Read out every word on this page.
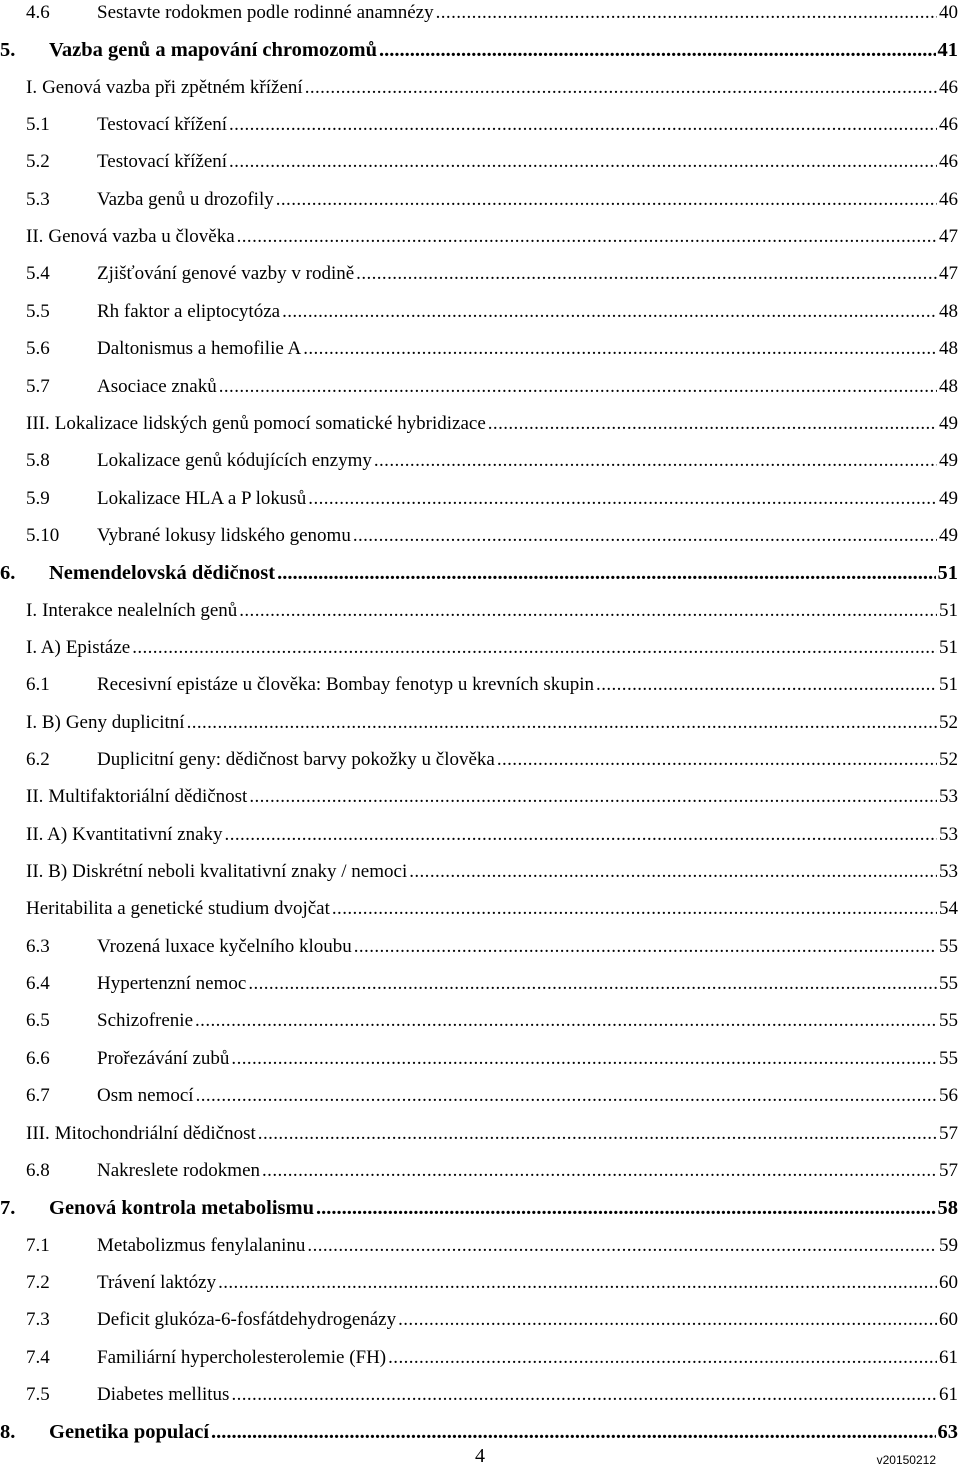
4.6	Sestavte rodokmen podle rodinné anamnézy .....	40
5.	Vazba genů a mapování chromozomů .....	41
I. Genová vazba při zpětném křížení .....	46
5.1	Testovací křížení .....	46
5.2	Testovací křížení .....	46
5.3	Vazba genů u drozofily .....	46
II. Genová vazba u člověka .....	47
5.4	Zjišťování genové vazby v rodině .....	47
5.5	Rh faktor a eliptocytóza .....	48
5.6	Daltonismus a hemofilie A .....	48
5.7	Asociace znaků .....	48
III. Lokalizace lidských genů pomocí somatické hybridizace .....	49
5.8	Lokalizace genů kódujících enzymy .....	49
5.9	Lokalizace HLA a P lokusů .....	49
5.10	Vybrané lokusy lidského genomu .....	49
6.	Nemendelovská dědičnost .....	51
I. Interakce nealelních genů .....	51
I. A) Epistáze .....	51
6.1	Recesivní epistáze u člověka: Bombay fenotyp u krevních skupin .....	51
I. B) Geny duplicitní .....	52
6.2	Duplicitní geny: dědičnost barvy pokožky u člověka .....	52
II. Multifaktoriální dědičnost .....	53
II. A) Kvantitativní znaky .....	53
II. B) Diskrétní neboli kvalitativní znaky / nemoci .....	53
Heritabilita a genetické studium dvojčat .....	54
6.3	Vrozená luxace kyčelního kloubu .....	55
6.4	Hypertenzní nemoc .....	55
6.5	Schizofrenie .....	55
6.6	Prořezávání zubů .....	55
6.7	Osm nemocí .....	56
III. Mitochondriální dědičnost .....	57
6.8	Nakreslete rodokmen .....	57
7.	Genová kontrola metabolismu .....	58
7.1	Metabolizmus fenylalaninu .....	59
7.2	Trávení laktózy .....	60
7.3	Deficit glukóza-6-fosfátdehydrogenázy .....	60
7.4	Familiární hypercholesterolemie (FH) .....	61
7.5	Diabetes mellitus .....	61
8.	Genetika populací .....	63
4	v20150212
